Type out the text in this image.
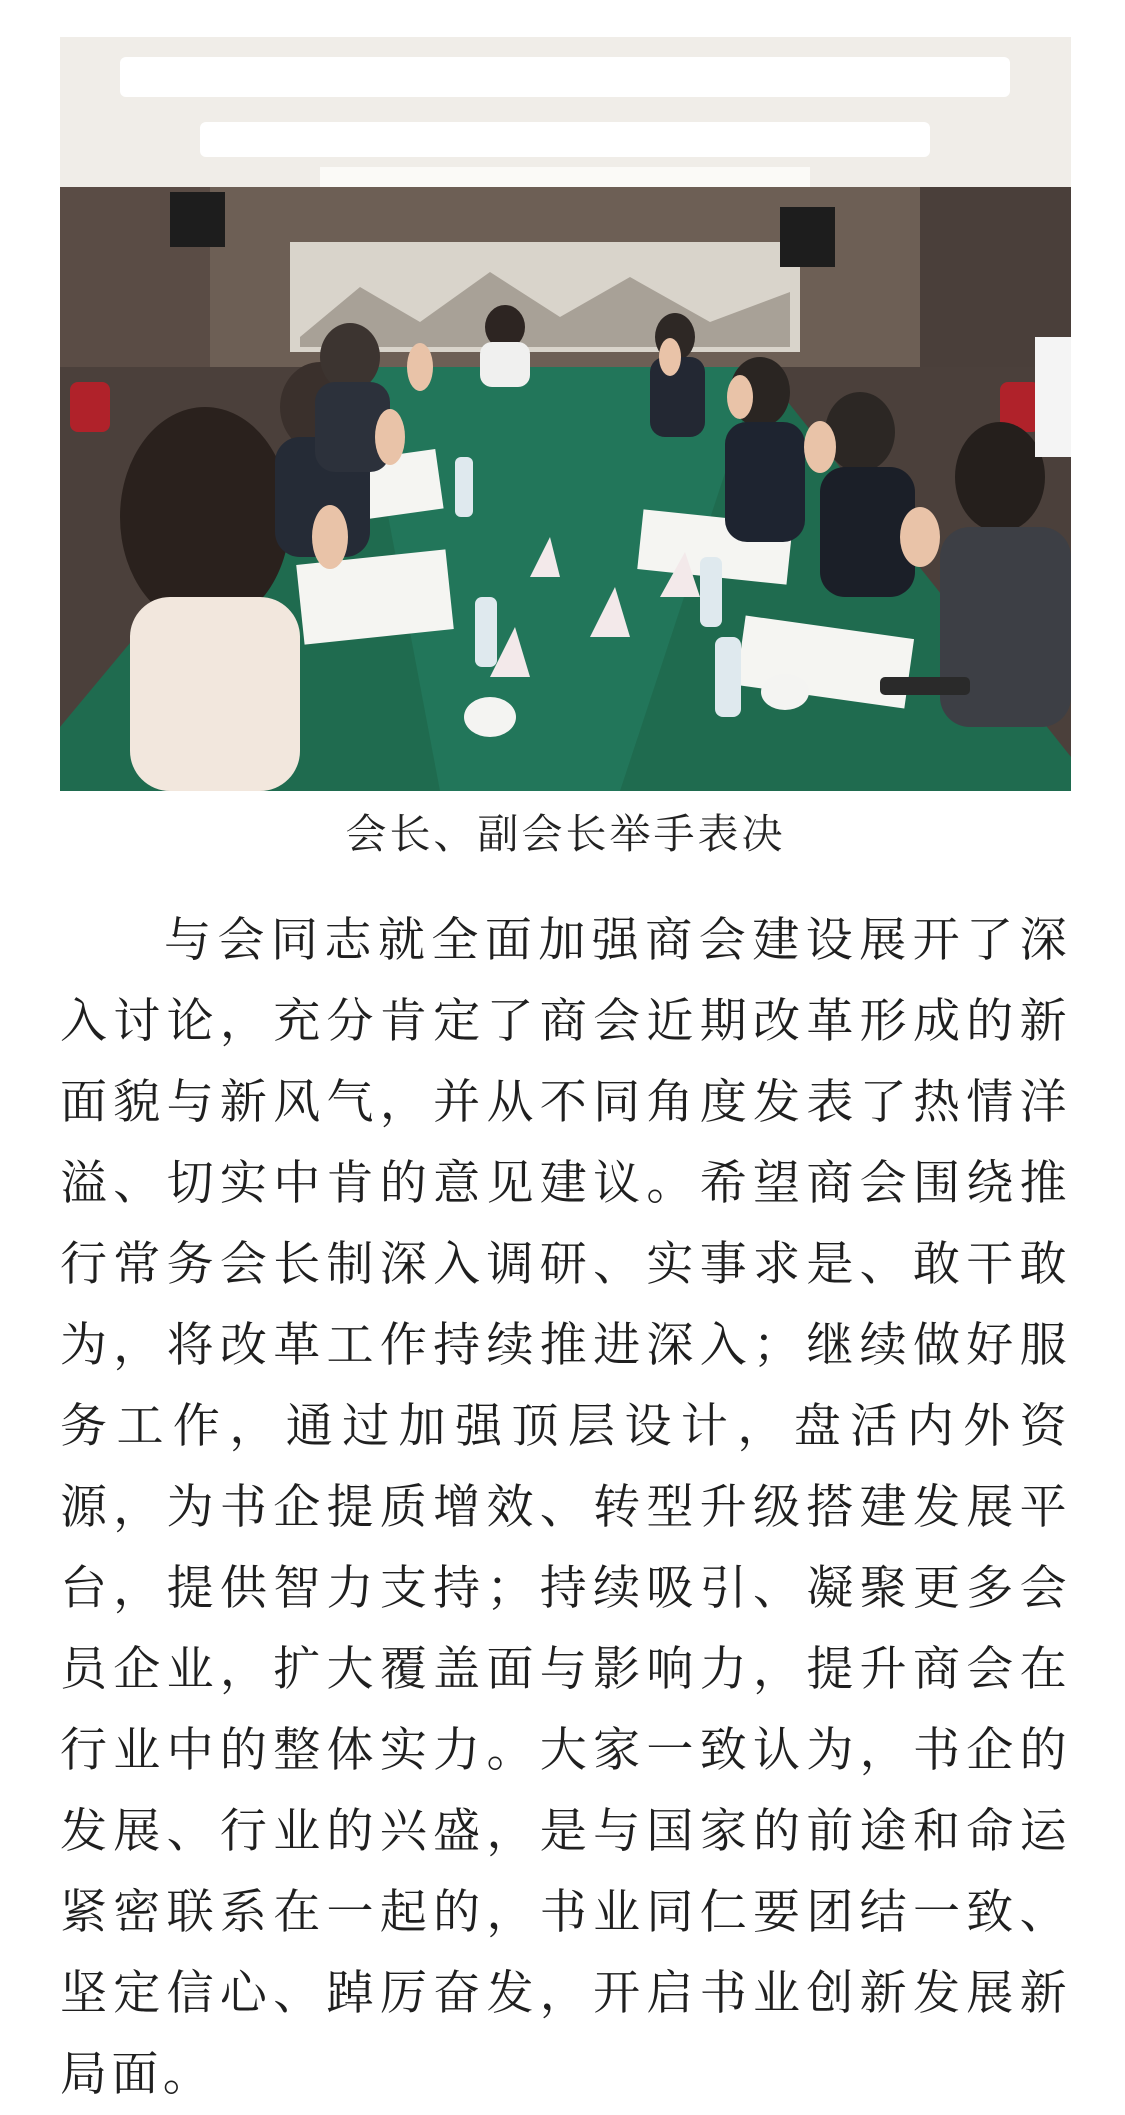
会长、副会长举手表决

与会同志就全面加强商会建设展开了深入讨论，充分肯定了商会近期改革形成的新面貌与新风气，并从不同角度发表了热情洋溢、切实中肯的意见建议。希望商会围绕推行常务会长制深入调研、实事求是、敢干敢为，将改革工作持续推进深入；继续做好服务工作，通过加强顶层设计，盘活内外资源，为书企提质增效、转型升级搭建发展平台，提供智力支持；持续吸引、凝聚更多会员企业，扩大覆盖面与影响力，提升商会在行业中的整体实力。大家一致认为，书企的发展、行业的兴盛，是与国家的前途和命运紧密联系在一起的，书业同仁要团结一致、坚定信心、踔厉奋发，开启书业创新发展新局面。
